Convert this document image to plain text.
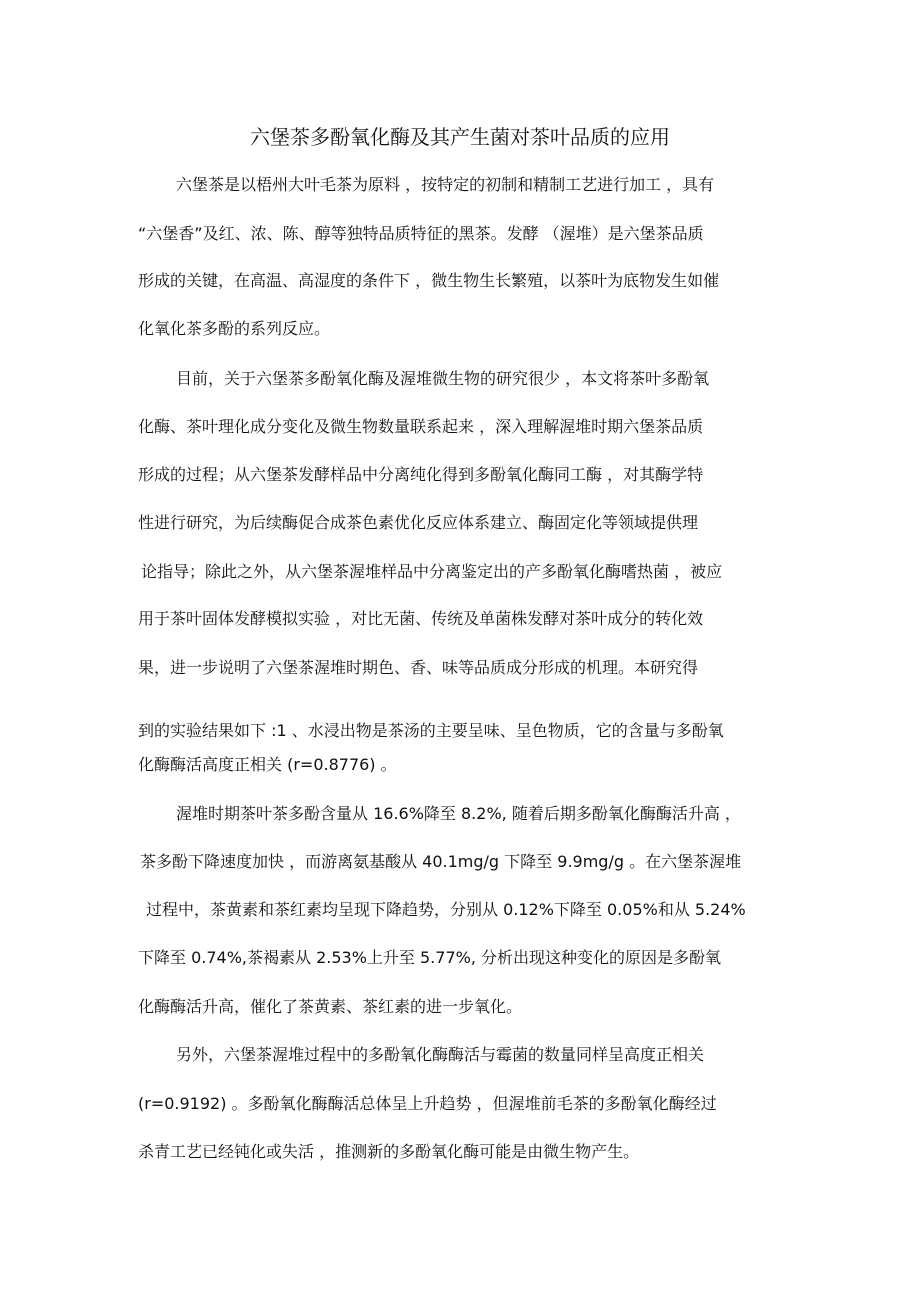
六堡茶多酚氧化酶及其产生菌对茶叶品质的应用
六堡茶是以梧州大叶毛茶为原料 ，按特定的初制和精制工艺进行加工 ，具有
“六堡香”及红、浓、陈、醇等独特品质特征的黑茶。发酵 （渥堆）是六堡茶品质
形成的关键，在高温、高湿度的条件下 ，微生物生长繁殖，以茶叶为底物发生如催
化氧化茶多酚的系列反应。
目前，关于六堡茶多酚氧化酶及渥堆微生物的研究很少 ，本文将茶叶多酚氧
化酶、茶叶理化成分变化及微生物数量联系起来 ，深入理解渥堆时期六堡茶品质
形成的过程；从六堡茶发酵样品中分离纯化得到多酚氧化酶同工酶 ，对其酶学特
性进行研究，为后续酶促合成茶色素优化反应体系建立、酶固定化等领域提供理
论指导；除此之外，从六堡茶渥堆样品中分离鉴定出的产多酚氧化酶嗜热菌 ，被应
用于茶叶固体发酵模拟实验 ，对比无菌、传统及单菌株发酵对茶叶成分的转化效
果，进一步说明了六堡茶渥堆时期色、香、味等品质成分形成的机理。本研究得
到的实验结果如下 :1 、水浸出物是茶汤的主要呈味、呈色物质，它的含量与多酚氧
化酶酶活高度正相关 (r=0.8776) 。
渥堆时期茶叶茶多酚含量从 16.6%降至 8.2%, 随着后期多酚氧化酶酶活升高 ，
茶多酚下降速度加快 ，而游离氨基酸从 40.1mg/g 下降至 9.9mg/g 。在六堡茶渥堆
过程中，茶黄素和茶红素均呈现下降趋势，分别从 0.12%下降至 0.05%和从 5.24%
下降至 0.74%,茶褐素从 2.53%上升至 5.77%, 分析出现这种变化的原因是多酚氧
化酶酶活升高，催化了茶黄素、茶红素的进一步氧化。
另外，六堡茶渥堆过程中的多酚氧化酶酶活与霉菌的数量同样呈高度正相关
(r=0.9192) 。多酚氧化酶酶活总体呈上升趋势 ，但渥堆前毛茶的多酚氧化酶经过
杀青工艺已经钝化或失活 ，推测新的多酚氧化酶可能是由微生物产生。
